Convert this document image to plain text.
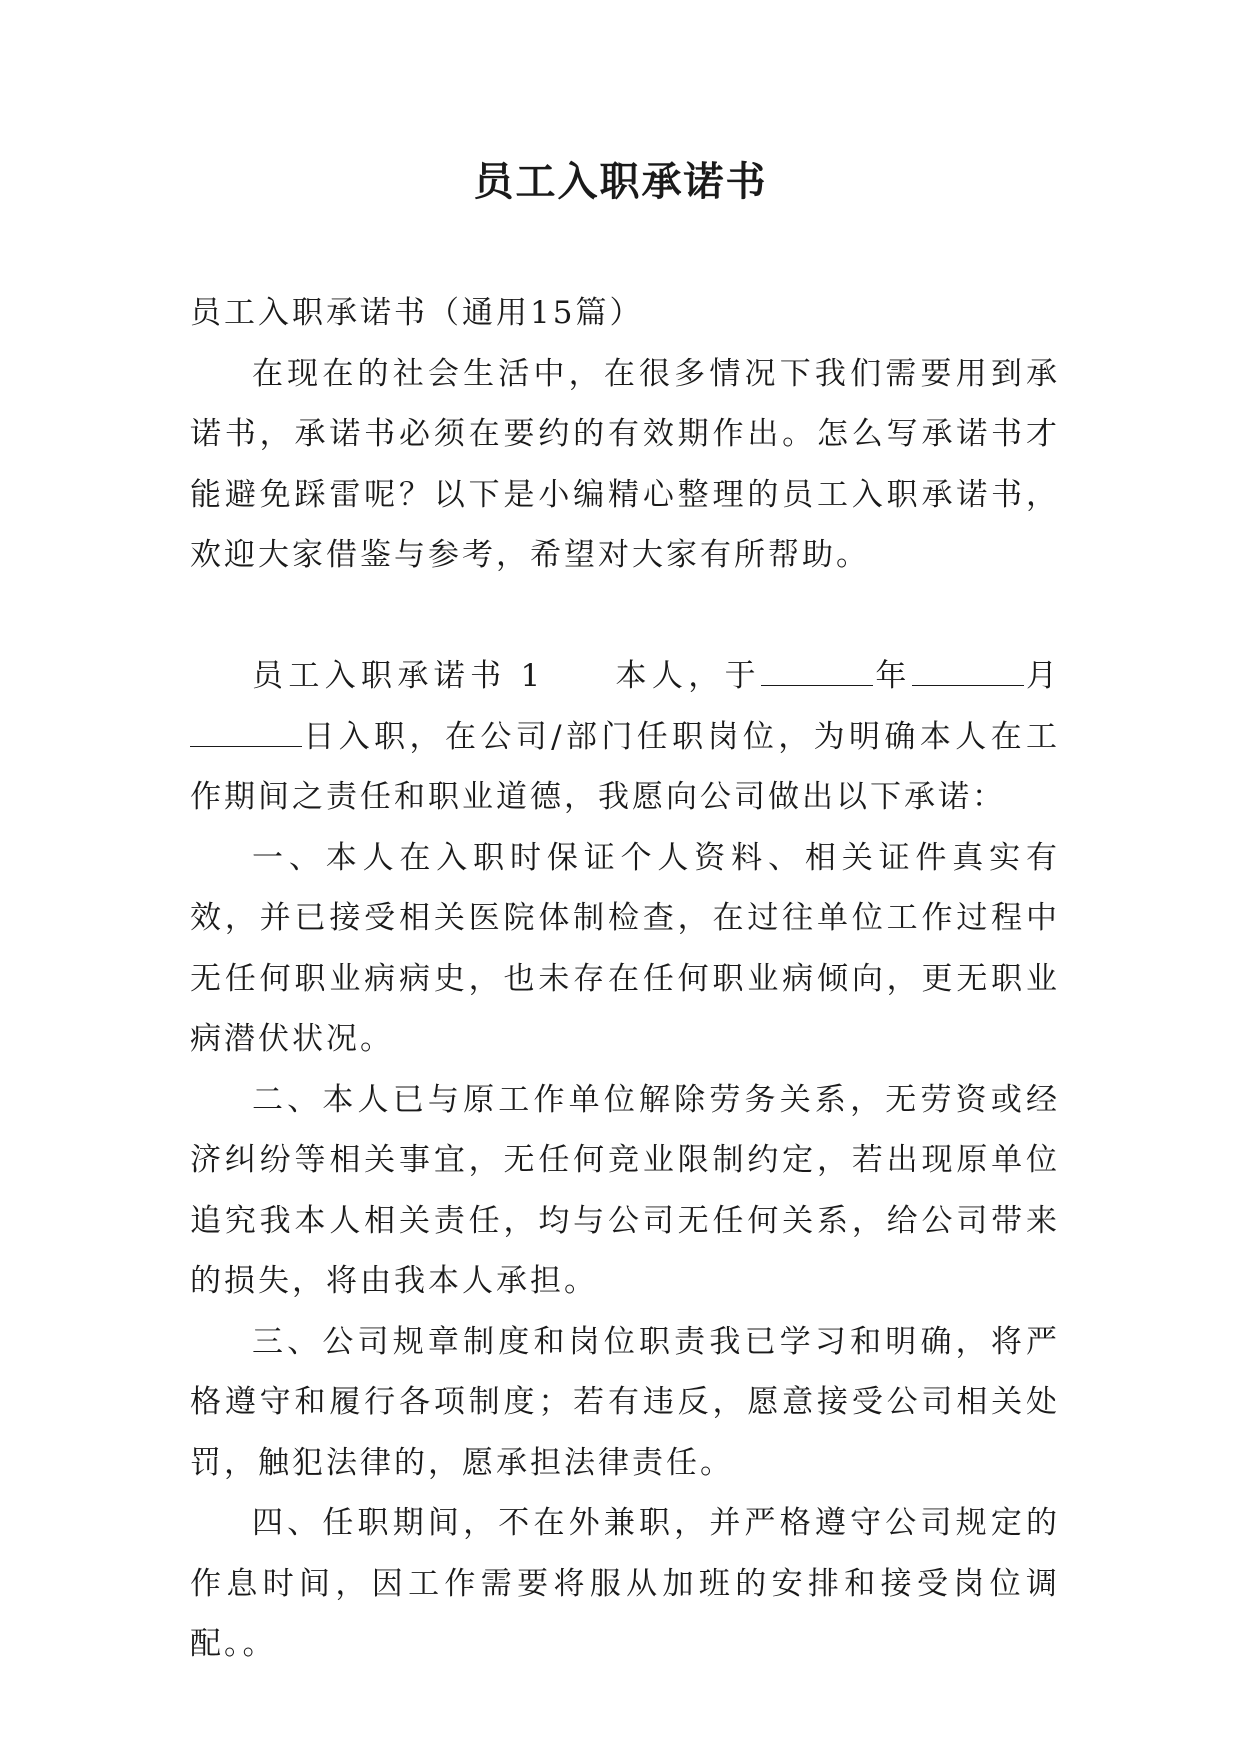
员工入职承诺书

员工入职承诺书（通用15篇）

在现在的社会生活中，在很多情况下我们需要用到承诺书，承诺书必须在要约的有效期作出。怎么写承诺书才能避免踩雷呢？以下是小编精心整理的员工入职承诺书，欢迎大家借鉴与参考，希望对大家有所帮助。

员工入职承诺书 1 本人，于	年	月日入职，在公司/部门任职岗位，为明确本人在工作期间之责任和职业道德，我愿向公司做出以下承诺：

一、本人在入职时保证个人资料、相关证件真实有效，并已接受相关医院体制检查，在过往单位工作过程中无任何职业病病史，也未存在任何职业病倾向，更无职业病潜伏状况。

二、本人已与原工作单位解除劳务关系，无劳资或经济纠纷等相关事宜，无任何竞业限制约定，若出现原单位追究我本人相关责任，均与公司无任何关系，给公司带来的损失，将由我本人承担。

三、公司规章制度和岗位职责我已学习和明确，将严格遵守和履行各项制度；若有违反，愿意接受公司相关处罚，触犯法律的，愿承担法律责任。

四、任职期间，不在外兼职，并严格遵守公司规定的作息时间，因工作需要将服从加班的安排和接受岗位调配。。
